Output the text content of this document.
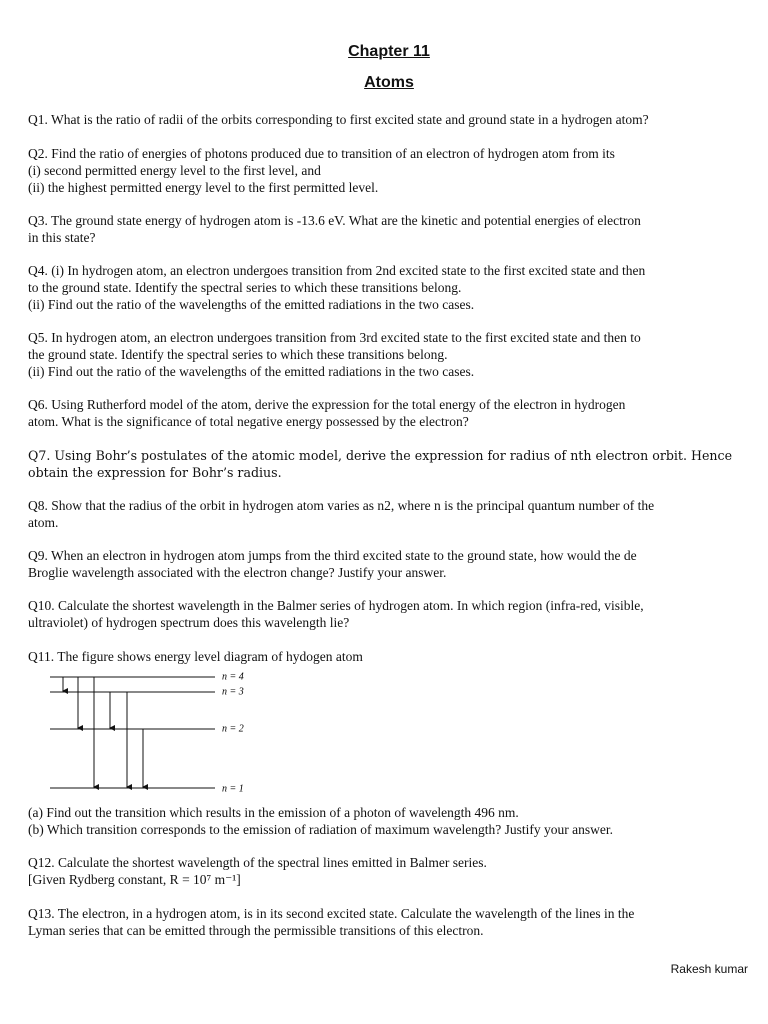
Chapter 11
Atoms

Q1. What is the ratio of radii of the orbits corresponding to first excited state and ground state in a hydrogen atom?

Q2. Find the ratio of energies of photons produced due to transition of an electron of hydrogen atom from its

(i) second permitted energy level to the first level, and

(ii) the highest permitted energy level to the first permitted level.

Q3. The ground state energy of hydrogen atom is -13.6 eV. What are the kinetic and potential energies of electron

in this state?

Q4. (i) In hydrogen atom, an electron undergoes transition from 2nd excited state to the first excited state and then

to the ground state. Identify the spectral series to which these transitions belong.

(ii) Find out the ratio of the wavelengths of the emitted radiations in the two cases.

Q5. In hydrogen atom, an electron undergoes transition from 3rd excited state to the first excited state and then to

the ground state. Identify the spectral series to which these transitions belong.

(ii) Find out the ratio of the wavelengths of the emitted radiations in the two cases.

Q6. Using Rutherford model of the atom, derive the expression for the total energy of the electron in hydrogen

atom. What is the significance of total negative energy possessed by the electron?

Q7. Using Bohr’s postulates of the atomic model, derive the expression for radius of nth electron orbit. Hence

obtain the expression for Bohr’s radius.

Q8. Show that the radius of the orbit in hydrogen atom varies as n2, where n is the principal quantum number of the

atom.

Q9. When an electron in hydrogen atom jumps from the third excited state to the ground state, how would the de

Broglie wavelength associated with the electron change? Justify your answer.

Q10. Calculate the shortest wavelength in the Balmer series of hydrogen atom. In which region (infra-red, visible,

ultraviolet) of hydrogen spectrum does this wavelength lie?

Q11. The figure shows energy level diagram of hydogen atom

n = 4
n = 3
n = 2
n = 1

(a) Find out the transition which results in the emission of a photon of wavelength 496 nm.

(b) Which transition corresponds to the emission of radiation of maximum wavelength? Justify your answer.

Q12. Calculate the shortest wavelength of the spectral lines emitted in Balmer series.

[Given Rydberg constant, R = 10⁷ m⁻¹]

Q13. The electron, in a hydrogen atom, is in its second excited state. Calculate the wavelength of the lines in the

Lyman series that can be emitted through the permissible transitions of this electron.

Rakesh kumar
